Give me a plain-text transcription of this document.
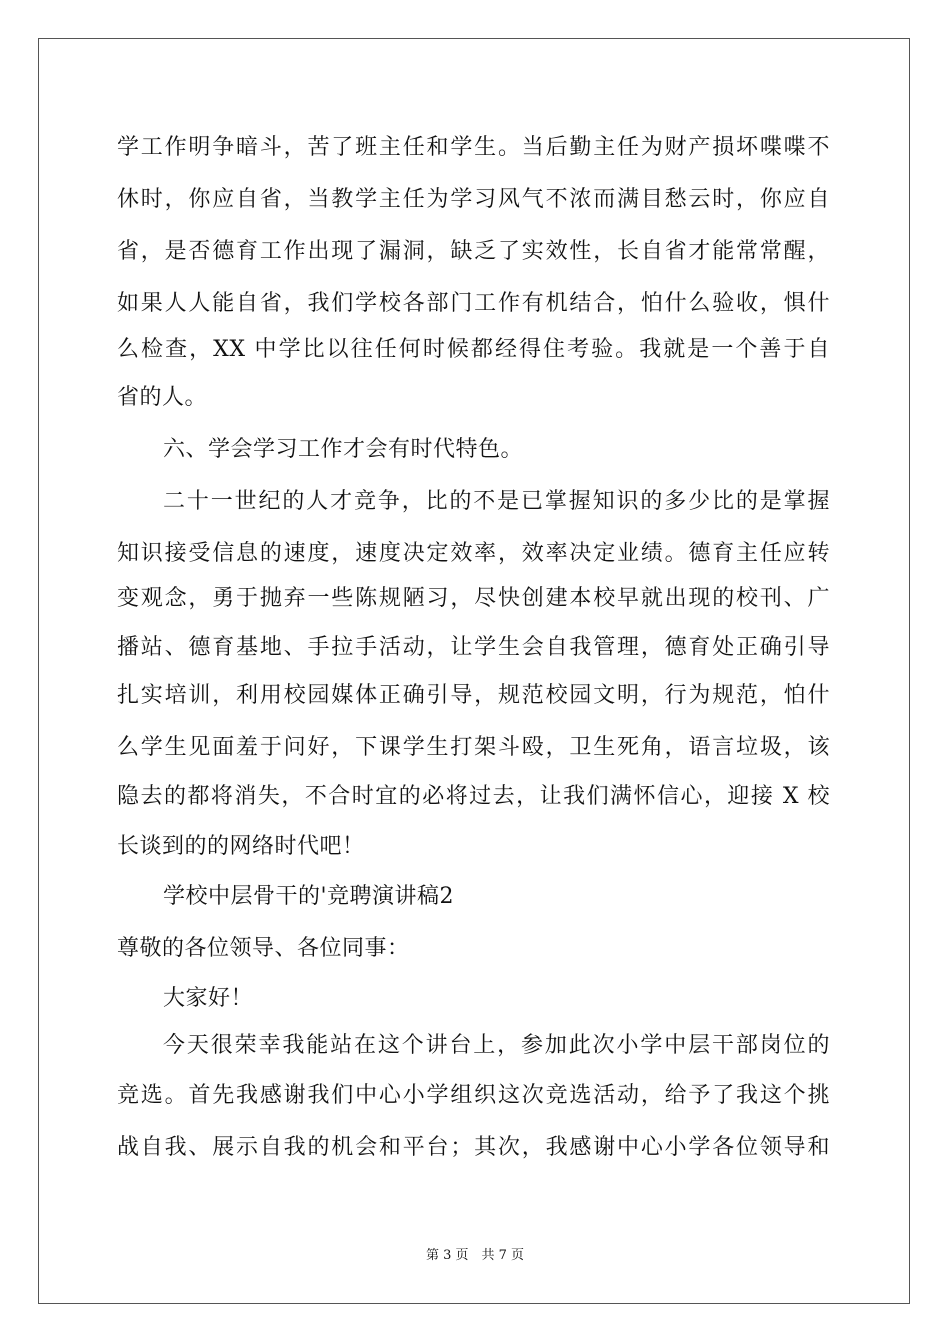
学工作明争暗斗，苦了班主任和学生。当后勤主任为财产损坏喋喋不
休时，你应自省，当教学主任为学习风气不浓而满目愁云时，你应自
省，是否德育工作出现了漏洞，缺乏了实效性，长自省才能常常醒，
如果人人能自省，我们学校各部门工作有机结合，怕什么验收，惧什
么检查，XX 中学比以往任何时候都经得住考验。我就是一个善于自
省的人。
六、学会学习工作才会有时代特色。
二十一世纪的人才竞争，比的不是已掌握知识的多少比的是掌握
知识接受信息的速度，速度决定效率，效率决定业绩。德育主任应转
变观念，勇于抛弃一些陈规陋习，尽快创建本校早就出现的校刊、广
播站、德育基地、手拉手活动，让学生会自我管理，德育处正确引导
扎实培训，利用校园媒体正确引导，规范校园文明，行为规范，怕什
么学生见面羞于问好，下课学生打架斗殴，卫生死角，语言垃圾，该
隐去的都将消失，不合时宜的必将过去，让我们满怀信心，迎接 X 校
长谈到的的网络时代吧！
学校中层骨干的'竞聘演讲稿2
尊敬的各位领导、各位同事：
大家好！
今天很荣幸我能站在这个讲台上，参加此次小学中层干部岗位的
竞选。首先我感谢我们中心小学组织这次竞选活动，给予了我这个挑
战自我、展示自我的机会和平台；其次，我感谢中心小学各位领导和
第 3 页　共 7 页
